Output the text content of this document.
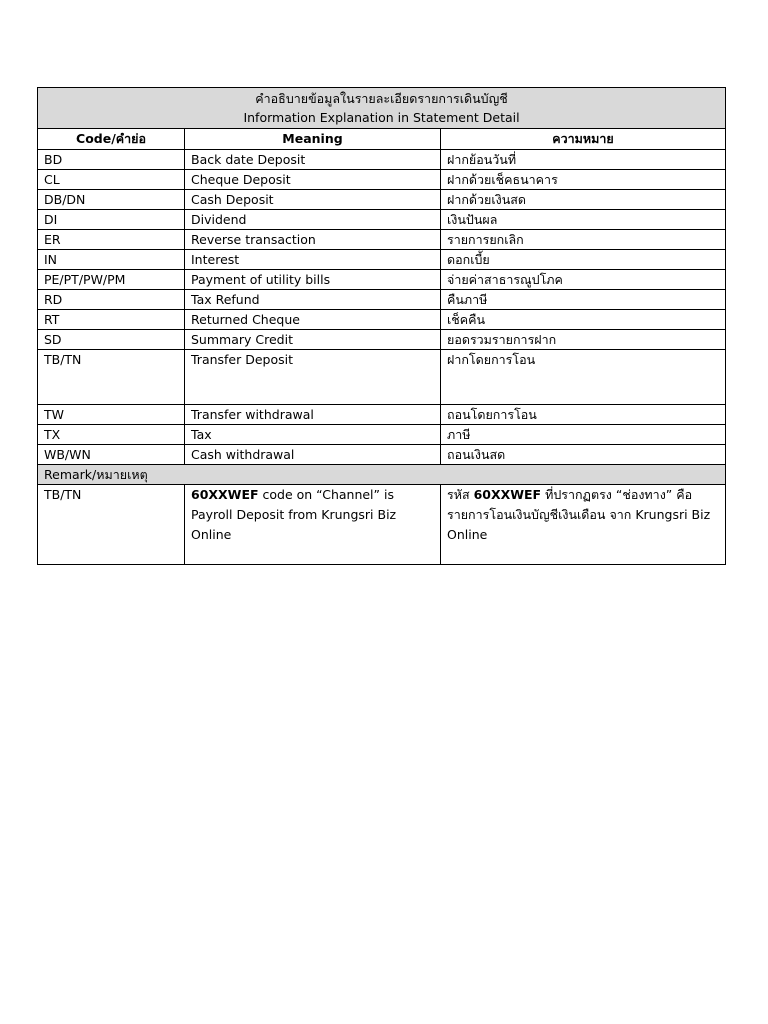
คำอธิบายข้อมูลในรายละเอียดรายการเดินบัญชี
Information Explanation in Statement Detail		

Code/คำย่อ	Meaning	ความหมาย
BD	Back date Deposit	ฝากย้อนวันที่
CL	Cheque Deposit	ฝากด้วยเช็คธนาคาร
DB/DN	Cash Deposit	ฝากด้วยเงินสด
DI	Dividend	เงินปันผล
ER	Reverse transaction	รายการยกเลิก
IN	Interest	ดอกเบี้ย
PE/PT/PW/PM	Payment of utility bills	จ่ายค่าสาธารณูปโภค
RD	Tax Refund	คืนภาษี
RT	Returned Cheque	เช็คคืน
SD	Summary Credit	ยอดรวมรายการฝาก
TB/TN	Transfer Deposit	ฝากโดยการโอน
TW	Transfer withdrawal	ถอนโดยการโอน
TX	Tax	ภาษี
WB/WN	Cash withdrawal	ถอนเงินสด
Remark/หมายเหตุ		
TB/TN	60XXWEF code on “Channel” is Payroll Deposit from Krungsri Biz Online	รหัส 60XXWEF ที่ปรากฏตรง “ช่องทาง” คือ รายการโอนเงินบัญชีเงินเดือน จาก Krungsri Biz Online
